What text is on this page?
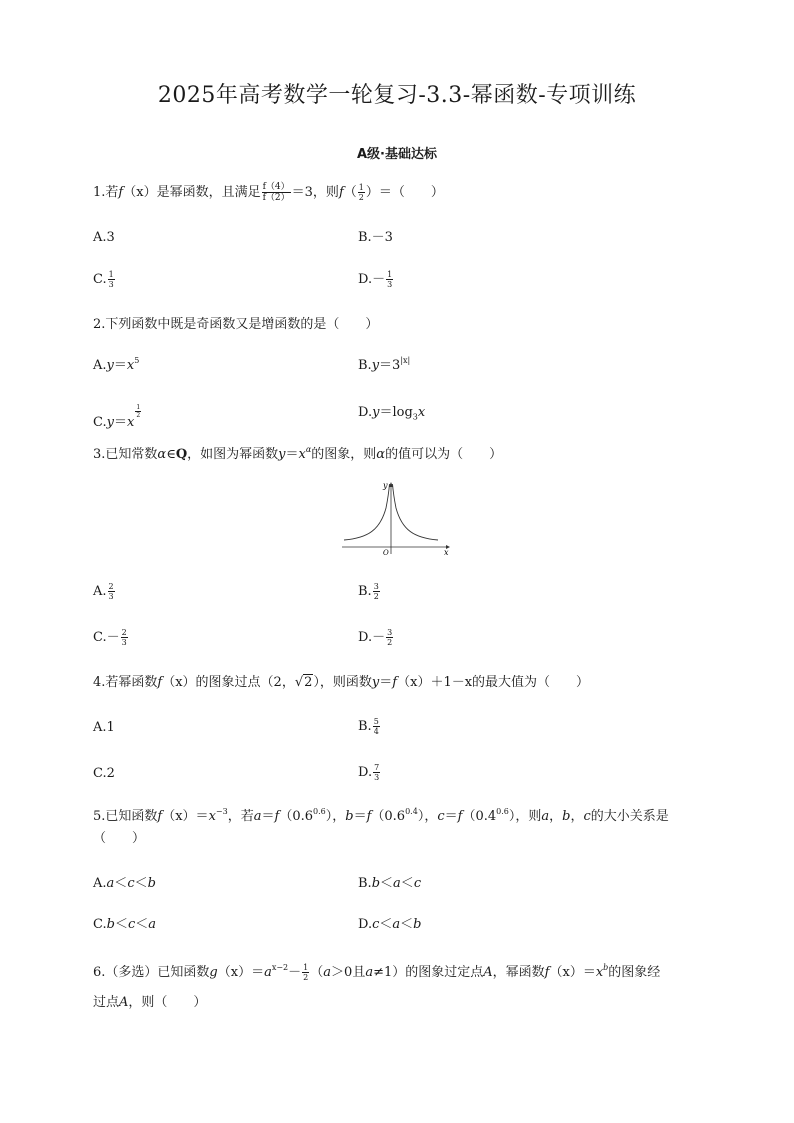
2025年高考数学一轮复习-3.3-幂函数-专项训练
A级·基础达标
1.若f（x）是幂函数，且满足 $\frac{f(4)}{f(2)} =3$，则$f( \frac{1}{2}$ ）＝（　　）
A.3	B.－3
C. $\frac{1}{3}$	$D.- \frac{1}{3}$
2.下列函数中既是奇函数又是增函数的是（　　）
$A.y=x^5$	$B.y=3^{|x|}$
C.y＝x
$\frac{1}{2}$	$D.y=\log_3x$
3.已知常数α∈Q，如图为幂函数$y=x^\alpha$的图象，则α的值可以为（　　）
y
x
O
A. $\frac{2}{3}$	B. $\frac{3}{2}$
$C.- \frac{2}{3}$	$D.- \frac{3}{2}$
4.若幂函数f（x）的图象过点（2，√2），则函数y＝f（x）＋1－x的最大值为（　　）
A.1	B. $\frac{5}{4}$
C.2	D. $\frac{7}{3}$
5.已知函数$f(x)=x^{-3}$，若$a=f(0.6^{0.6})$，$b=f(0.6^{0.4})$，$c=f(0.4^{0.6})$，则a，b，c的大小关系是
（　　）
A.a＜c＜b	B.b＜a＜c
C.b＜c＜a	D.c＜a＜b
6.（多选）已知函数$g(x)=a^{x-2}- \frac{1}{2} (a>0$且a≠1）的图象过定点A，幂函数$f(x)=x^b$的图象经
过点A，则（　　）
